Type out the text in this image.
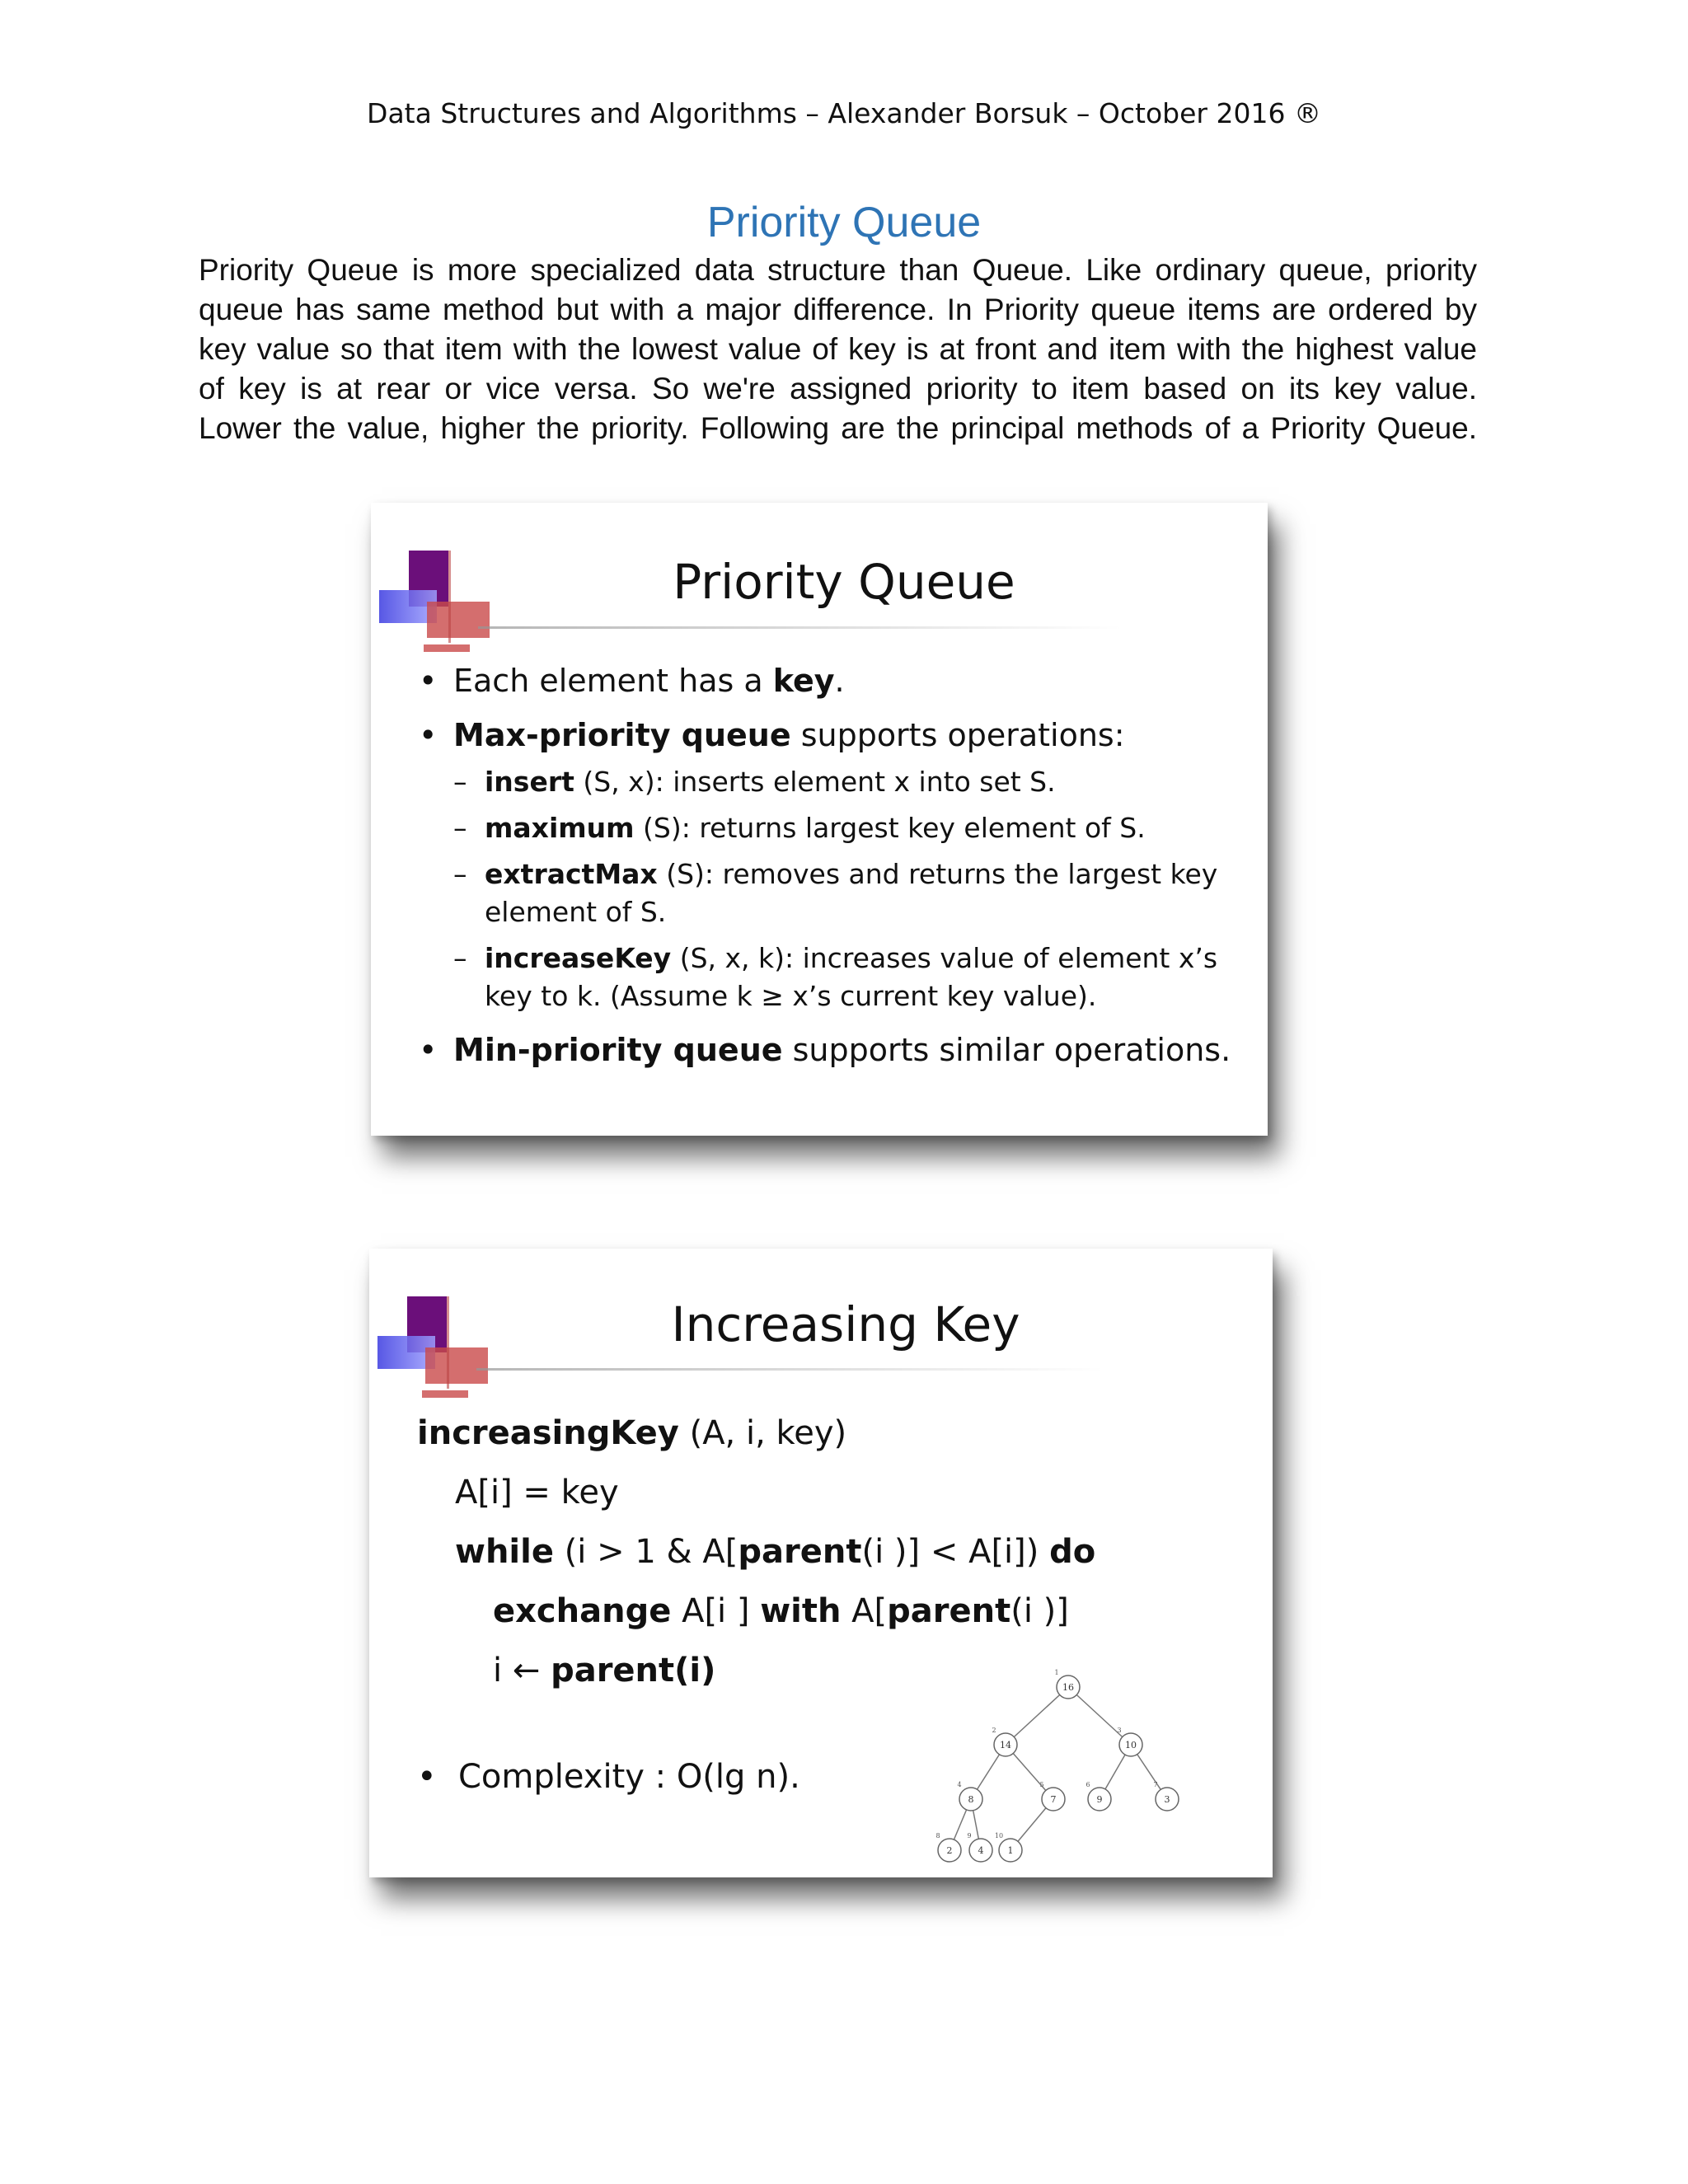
Data Structures and Algorithms – Alexander Borsuk – October 2016 ®
Priority Queue

Priority Queue is more specialized data structure than Queue. Like ordinary queue, priority

queue has same method but with a major difference. In Priority queue items are ordered by

key value so that item with the lowest value of key is at front and item with the highest value

of key is at rear or vice versa. So we're assigned priority to item based on its key value.

Lower the value, higher the priority. Following are the principal methods of a Priority Queue.

Priority Queue
• Each element has a key.
• Max-priority queue supports operations:
– insert (S, x): inserts element x into set S.
– maximum (S): returns largest key element of S.
– extractMax (S): removes and returns the largest key element of S.
– increaseKey (S, x, k): increases value of element x’s key to k. (Assume k ≥ x’s current key value).
• Min-priority queue supports similar operations.
Increasing Key
increasingKey (A, i, key)
A[i] = key
while (i > 1 & A[parent(i )] < A[i]) do
exchange A[i ] with A[parent(i )]
i ← parent(i)
• Complexity : O(lg n).
16
1
14
2
10
3
8
4
7
5
9
6
3
7
2
8
4
9
1
10
